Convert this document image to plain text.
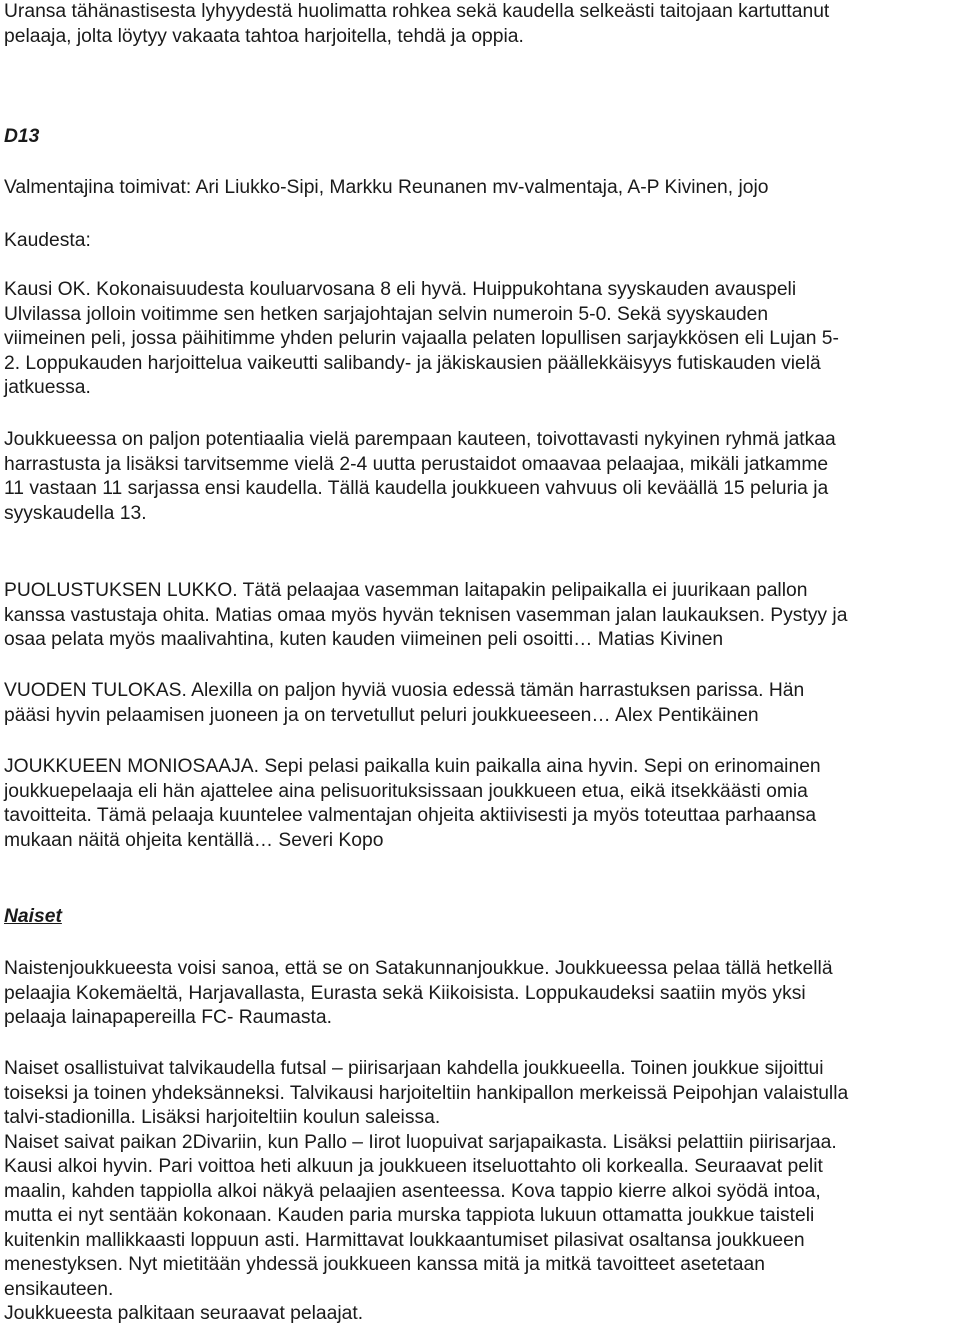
Uransa tähänastisesta lyhyydestä huolimatta rohkea sekä kaudella selkeästi taitojaan kartuttanut

pelaaja, jolta löytyy vakaata tahtoa harjoitella, tehdä ja oppia.

D13

Valmentajina toimivat: Ari Liukko-Sipi, Markku Reunanen mv-valmentaja, A-P Kivinen, jojo

Kaudesta:

Kausi OK. Kokonaisuudesta kouluarvosana 8 eli hyvä. Huippukohtana syyskauden avauspeli

Ulvilassa jolloin voitimme sen hetken sarjajohtajan selvin numeroin 5-0. Sekä syyskauden

viimeinen peli, jossa päihitimme yhden pelurin vajaalla pelaten lopullisen sarjaykkösen eli Lujan 5-

2. Loppukauden harjoittelua vaikeutti salibandy- ja jäkiskausien päällekkäisyys futiskauden vielä

jatkuessa.

Joukkueessa on paljon potentiaalia vielä parempaan kauteen, toivottavasti nykyinen ryhmä jatkaa

harrastusta ja lisäksi tarvitsemme vielä 2-4 uutta perustaidot omaavaa pelaajaa, mikäli jatkamme

11 vastaan 11 sarjassa ensi kaudella. Tällä kaudella joukkueen vahvuus oli keväällä 15 peluria ja

syyskaudella 13.

PUOLUSTUKSEN LUKKO. Tätä pelaajaa vasemman laitapakin pelipaikalla ei juurikaan pallon

kanssa vastustaja ohita. Matias omaa myös hyvän teknisen vasemman jalan laukauksen. Pystyy ja

osaa pelata myös maalivahtina, kuten kauden viimeinen peli osoitti… Matias Kivinen

VUODEN TULOKAS. Alexilla on paljon hyviä vuosia edessä tämän harrastuksen parissa. Hän

pääsi hyvin pelaamisen juoneen ja on tervetullut peluri joukkueeseen… Alex Pentikäinen

JOUKKUEEN MONIOSAAJA. Sepi pelasi paikalla kuin paikalla aina hyvin. Sepi on erinomainen

joukkuepelaaja eli hän ajattelee aina pelisuorituksissaan joukkueen etua, eikä itsekkäästi omia

tavoitteita. Tämä pelaaja kuuntelee valmentajan ohjeita aktiivisesti ja myös toteuttaa parhaansa

mukaan näitä ohjeita kentällä… Severi Kopo

Naiset

Naistenjoukkueesta voisi sanoa, että se on Satakunnanjoukkue. Joukkueessa pelaa tällä hetkellä

pelaajia Kokemäeltä, Harjavallasta, Eurasta sekä Kiikoisista. Loppukaudeksi saatiin myös yksi

pelaaja lainapapereilla FC- Raumasta.

Naiset osallistuivat talvikaudella futsal – piirisarjaan kahdella joukkueella. Toinen joukkue sijoittui

toiseksi ja toinen yhdeksänneksi. Talvikausi harjoiteltiin hankipallon merkeissä Peipohjan valaistulla

talvi-stadionilla. Lisäksi harjoiteltiin koulun saleissa.

Naiset saivat paikan 2Divariin, kun Pallo – Iirot luopuivat sarjapaikasta. Lisäksi pelattiin piirisarjaa.

Kausi alkoi hyvin. Pari voittoa heti alkuun ja joukkueen itseluottahto oli korkealla. Seuraavat pelit

maalin, kahden tappiolla alkoi näkyä pelaajien asenteessa. Kova tappio kierre alkoi syödä intoa,

mutta ei nyt sentään kokonaan. Kauden paria murska tappiota lukuun ottamatta joukkue taisteli

kuitenkin mallikkaasti loppuun asti. Harmittavat loukkaantumiset pilasivat osaltansa joukkueen

menestyksen. Nyt mietitään yhdessä joukkueen kanssa mitä ja mitkä tavoitteet asetetaan

ensikauteen.

Joukkueesta palkitaan seuraavat pelaajat.
